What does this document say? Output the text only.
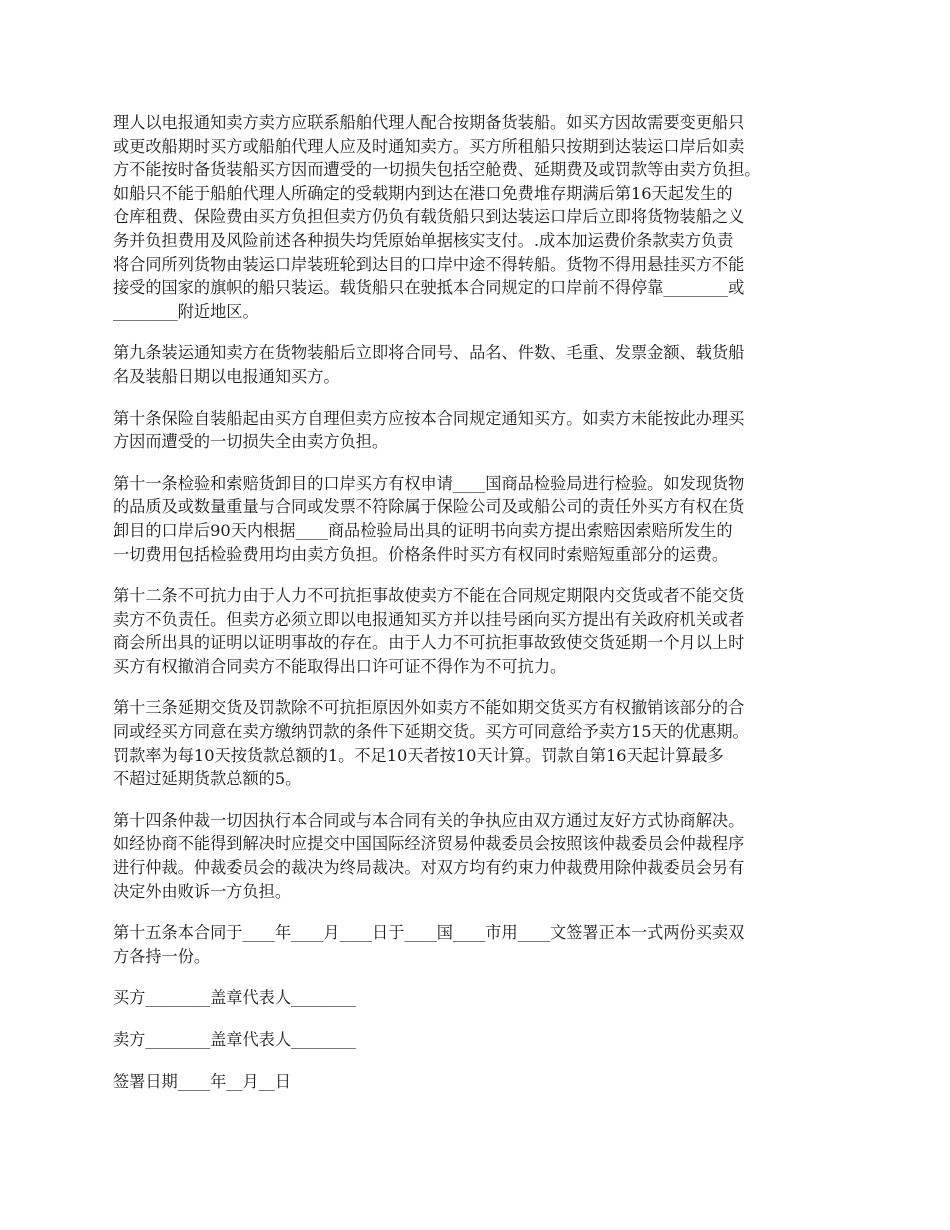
理人以电报通知卖方卖方应联系船舶代理人配合按期备货装船。如买方因故需要变更船只
或更改船期时买方或船舶代理人应及时通知卖方。买方所租船只按期到达装运口岸后如卖
方不能按时备货装船买方因而遭受的一切损失包括空舱费、延期费及或罚款等由卖方负担。
如船只不能于船舶代理人所确定的受载期内到达在港口免费堆存期满后第16天起发生的
仓库租费、保险费由买方负担但卖方仍负有载货船只到达装运口岸后立即将货物装船之义
务并负担费用及风险前述各种损失均凭原始单据核实支付。.成本加运费价条款卖方负责
将合同所列货物由装运口岸装班轮到达目的口岸中途不得转船。货物不得用悬挂买方不能
接受的国家的旗帜的船只装运。载货船只在驶抵本合同规定的口岸前不得停靠________或
________附近地区。
第九条装运通知卖方在货物装船后立即将合同号、品名、件数、毛重、发票金额、载货船
名及装船日期以电报通知买方。
第十条保险自装船起由买方自理但卖方应按本合同规定通知买方。如卖方未能按此办理买
方因而遭受的一切损失全由卖方负担。
第十一条检验和索赔货卸目的口岸买方有权申请____国商品检验局进行检验。如发现货物
的品质及或数量重量与合同或发票不符除属于保险公司及或船公司的责任外买方有权在货
卸目的口岸后90天内根据____商品检验局出具的证明书向卖方提出索赔因索赔所发生的
一切费用包括检验费用均由卖方负担。价格条件时买方有权同时索赔短重部分的运费。
第十二条不可抗力由于人力不可抗拒事故使卖方不能在合同规定期限内交货或者不能交货
卖方不负责任。但卖方必须立即以电报通知买方并以挂号函向买方提出有关政府机关或者
商会所出具的证明以证明事故的存在。由于人力不可抗拒事故致使交货延期一个月以上时
买方有权撤消合同卖方不能取得出口许可证不得作为不可抗力。
第十三条延期交货及罚款除不可抗拒原因外如卖方不能如期交货买方有权撤销该部分的合
同或经买方同意在卖方缴纳罚款的条件下延期交货。买方可同意给予卖方15天的优惠期。
罚款率为每10天按货款总额的1。不足10天者按10天计算。罚款自第16天起计算最多
不超过延期货款总额的5。
第十四条仲裁一切因执行本合同或与本合同有关的争执应由双方通过友好方式协商解决。
如经协商不能得到解决时应提交中国国际经济贸易仲裁委员会按照该仲裁委员会仲裁程序
进行仲裁。仲裁委员会的裁决为终局裁决。对双方均有约束力仲裁费用除仲裁委员会另有
决定外由败诉一方负担。
第十五条本合同于____年____月____日于____国____市用____文签署正本一式两份买卖双
方各持一份。
买方________盖章代表人________
卖方________盖章代表人________
签署日期____年__月__日
